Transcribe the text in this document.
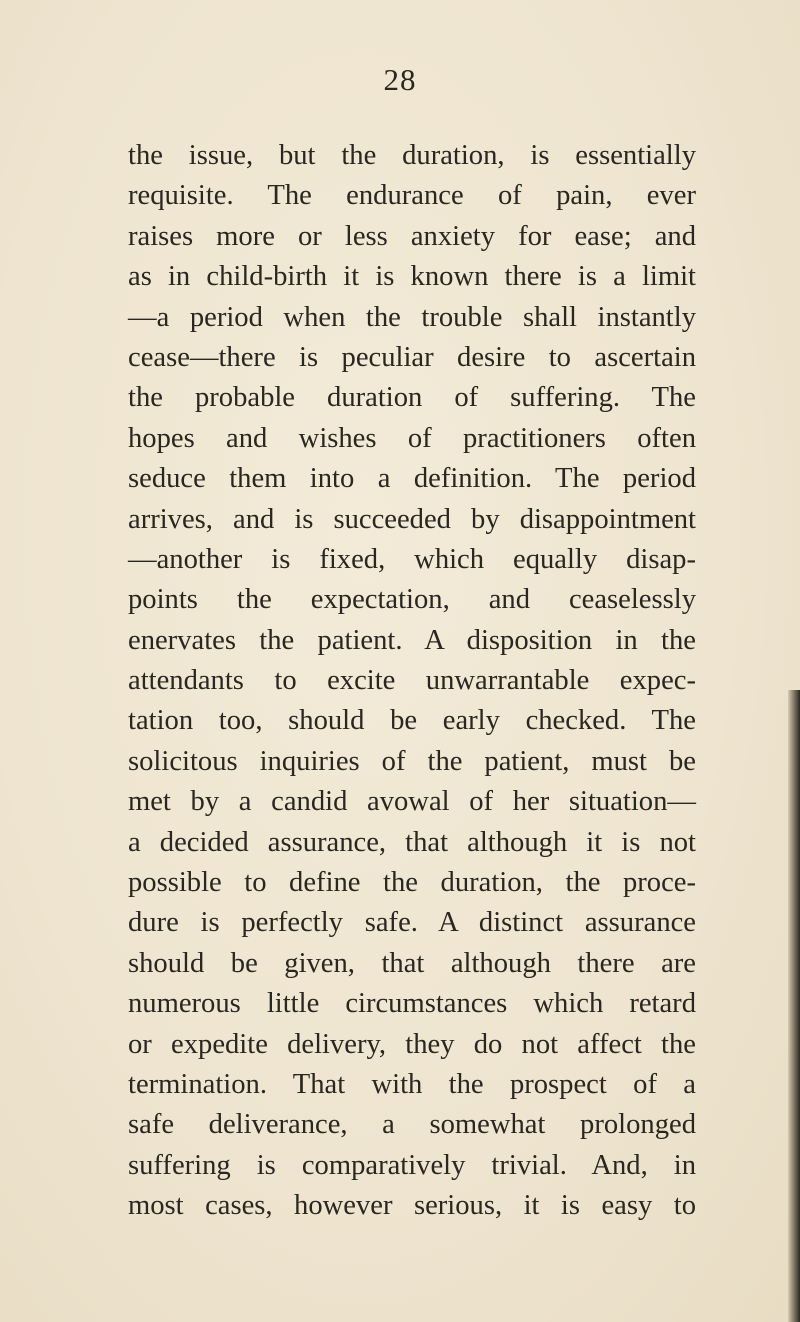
28
the issue, but the duration, is essentially
requisite. The endurance of pain, ever
raises more or less anxiety for ease; and
as in child-birth it is known there is a limit
—a period when the trouble shall instantly
cease—there is peculiar desire to ascertain
the probable duration of suffering. The
hopes and wishes of practitioners often
seduce them into a definition. The period
arrives, and is succeeded by disappointment
—another is fixed, which equally disap-
points the expectation, and ceaselessly
enervates the patient. A disposition in the
attendants to excite unwarrantable expec-
tation too, should be early checked. The
solicitous inquiries of the patient, must be
met by a candid avowal of her situation—
a decided assurance, that although it is not
possible to define the duration, the proce-
dure is perfectly safe. A distinct assurance
should be given, that although there are
numerous little circumstances which retard
or expedite delivery, they do not affect the
termination. That with the prospect of a
safe deliverance, a somewhat prolonged
suffering is comparatively trivial. And, in
most cases, however serious, it is easy to
